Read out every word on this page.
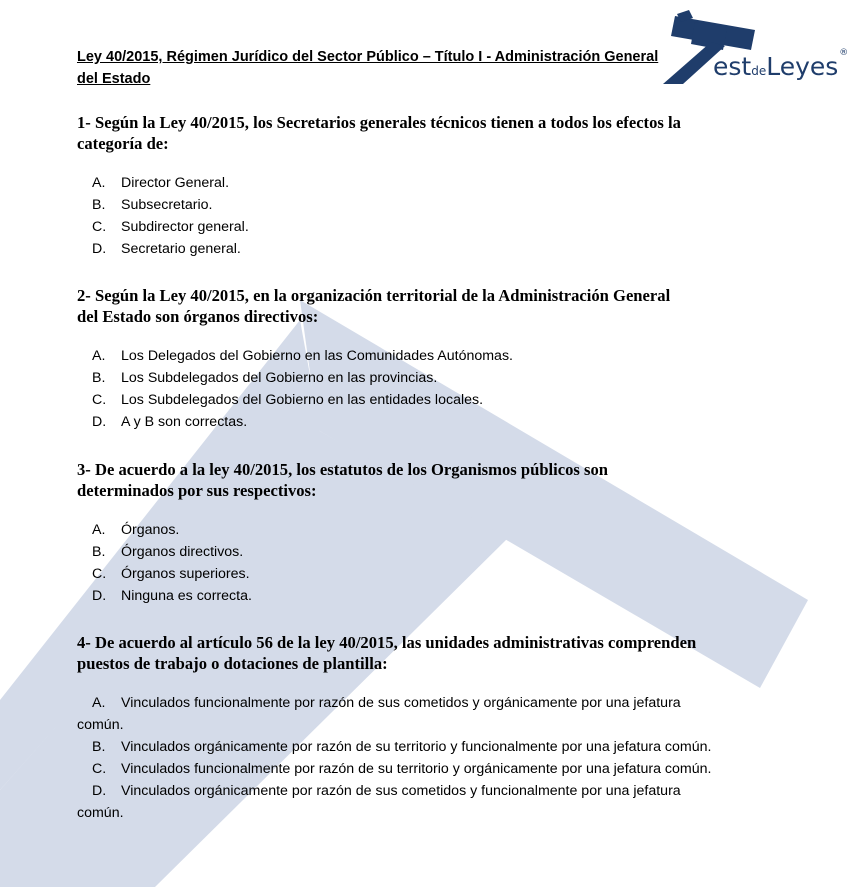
estdeLeyes®
Ley 40/2015, Régimen Jurídico del Sector Público – Título I - Administración General del Estado

1- Según la Ley 40/2015, los Secretarios generales técnicos tienen a todos los efectos la categoría de:

A. Director General.
B. Subsecretario.
C. Subdirector general.
D. Secretario general.

2- Según la Ley 40/2015, en la organización territorial de la Administración General del Estado son órganos directivos:

A. Los Delegados del Gobierno en las Comunidades Autónomas.
B. Los Subdelegados del Gobierno en las provincias.
C. Los Subdelegados del Gobierno en las entidades locales.
D. A y B son correctas.

3- De acuerdo a la ley 40/2015, los estatutos de los Organismos públicos son determinados por sus respectivos:

A. Órganos.
B. Órganos directivos.
C. Órganos superiores.
D. Ninguna es correcta.

4- De acuerdo al artículo 56 de la ley 40/2015, las unidades administrativas comprenden puestos de trabajo o dotaciones de plantilla:

A. Vinculados funcionalmente por razón de sus cometidos y orgánicamente por una jefatura común.
B. Vinculados orgánicamente por razón de su territorio y funcionalmente por una jefatura común.
C. Vinculados funcionalmente por razón de su territorio y orgánicamente por una jefatura común.
D. Vinculados orgánicamente por razón de sus cometidos y funcionalmente por una jefatura común.
